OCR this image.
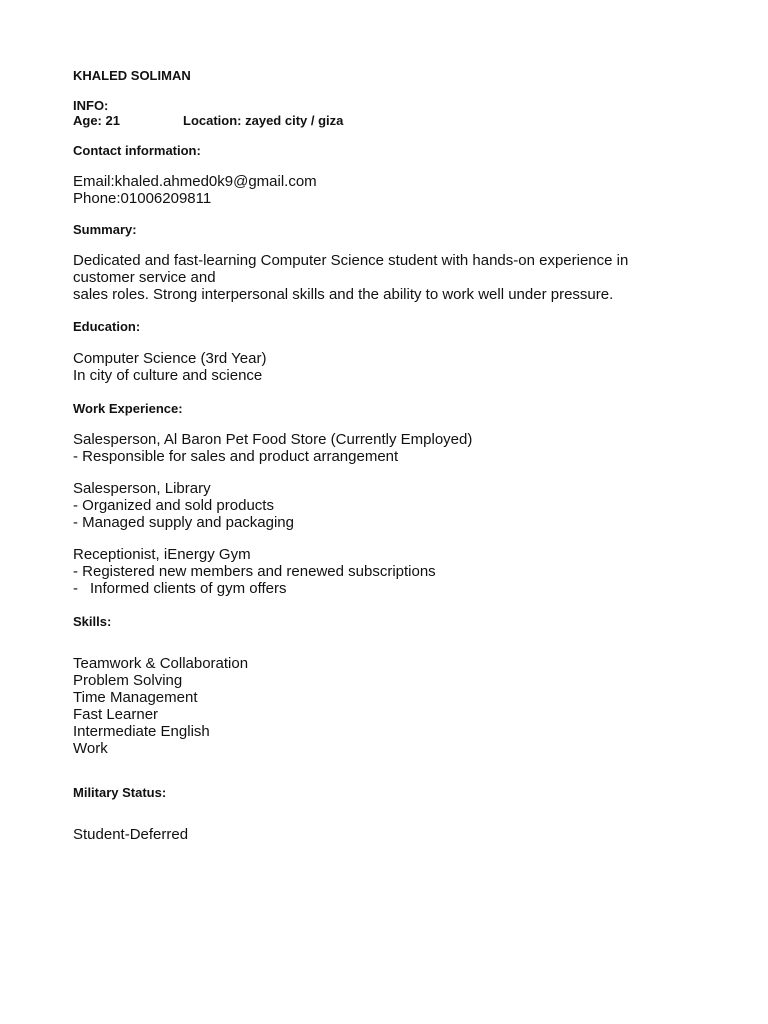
KHALED SOLIMAN
INFO:
Age: 21	Location: zayed city / giza
Contact information:
Email:khaled.ahmed0k9@gmail.com
Phone:01006209811
Summary:
Dedicated and fast-learning Computer Science student with hands-on experience in
customer service and
sales roles. Strong interpersonal skills and the ability to work well under pressure.
Education:
Computer Science (3rd Year)
In city of culture and science
Work Experience:
Salesperson, Al Baron Pet Food Store (Currently Employed)
- Responsible for sales and product arrangement
Salesperson, Library
- Organized and sold products
- Managed supply and packaging
Receptionist, iEnergy Gym
- Registered new members and renewed subscriptions
- Informed clients of gym offers
Skills:
Teamwork & Collaboration
Problem Solving
Time Management
Fast Learner
Intermediate English
Work
Military Status:
Student-Deferred
